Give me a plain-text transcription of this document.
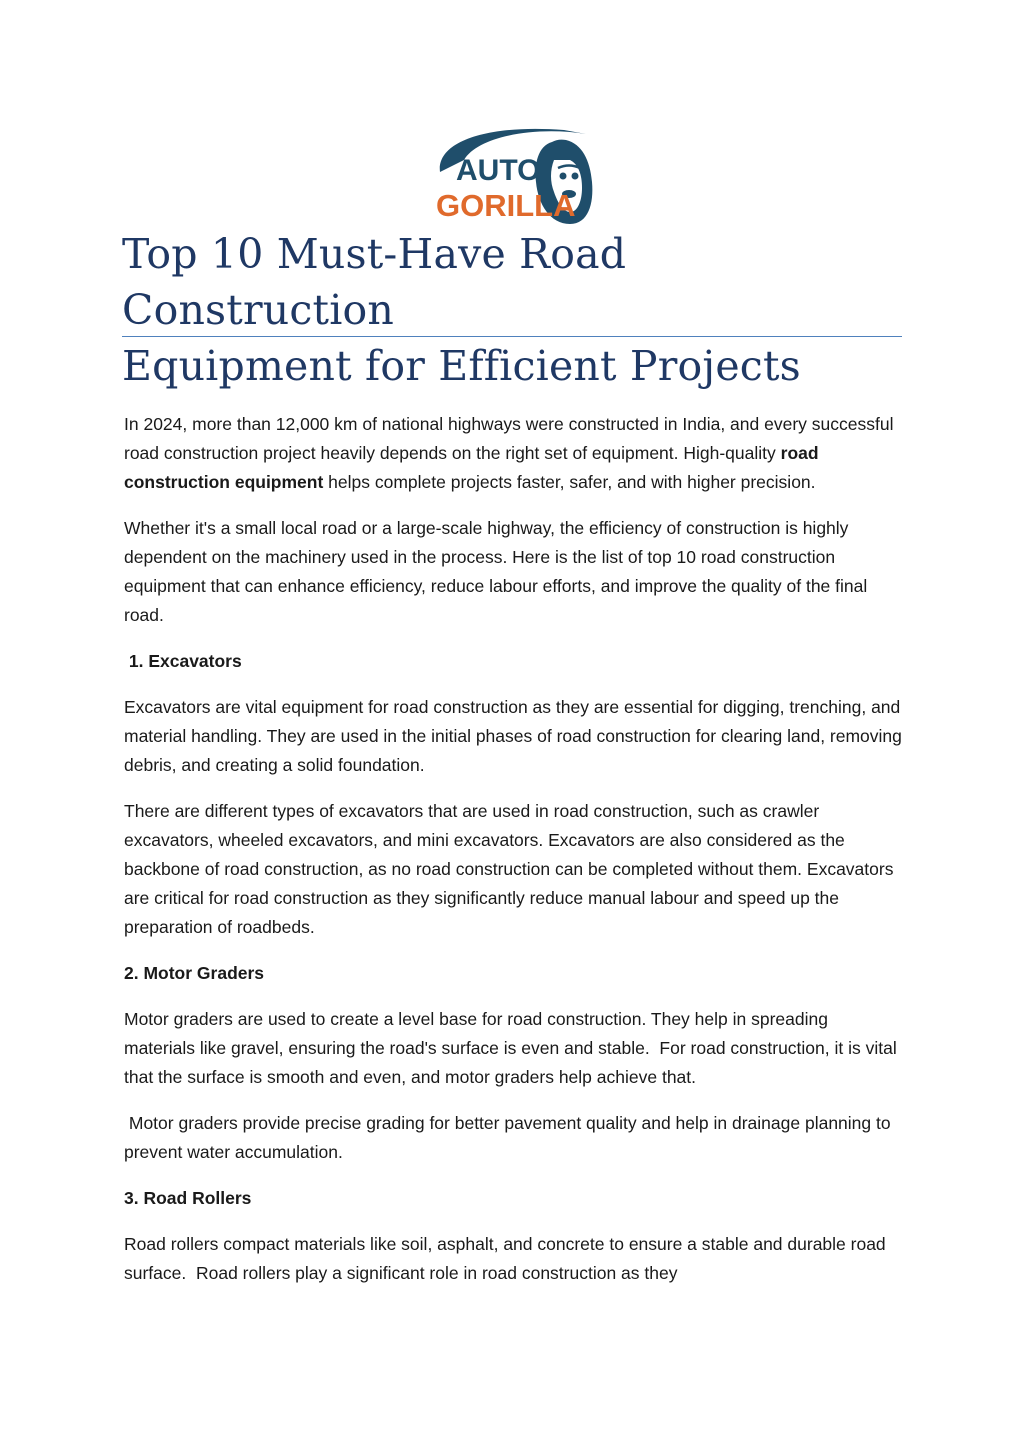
AUTO
GORILLA
Top 10 Must-Have Road Construction
Equipment for Efficient Projects

In 2024, more than 12,000 km of national highways were constructed in India, and every successful road construction project heavily depends on the right set of equipment. High-quality road construction equipment helps complete projects faster, safer, and with higher precision.

Whether it's a small local road or a large-scale highway, the efficiency of construction is highly dependent on the machinery used in the process. Here is the list of top 10 road construction equipment that can enhance efficiency, reduce labour efforts, and improve the quality of the final road.

1. Excavators

Excavators are vital equipment for road construction as they are essential for digging, trenching, and material handling. They are used in the initial phases of road construction for clearing land, removing debris, and creating a solid foundation.

There are different types of excavators that are used in road construction, such as crawler excavators, wheeled excavators, and mini excavators. Excavators are also considered as the backbone of road construction, as no road construction can be completed without them. Excavators are critical for road construction as they significantly reduce manual labour and speed up the preparation of roadbeds.

2. Motor Graders

Motor graders are used to create a level base for road construction. They help in spreading materials like gravel, ensuring the road's surface is even and stable.  For road construction, it is vital that the surface is smooth and even, and motor graders help achieve that.

Motor graders provide precise grading for better pavement quality and help in drainage planning to prevent water accumulation.

3. Road Rollers

Road rollers compact materials like soil, asphalt, and concrete to ensure a stable and durable road surface.  Road rollers play a significant role in road construction as they
